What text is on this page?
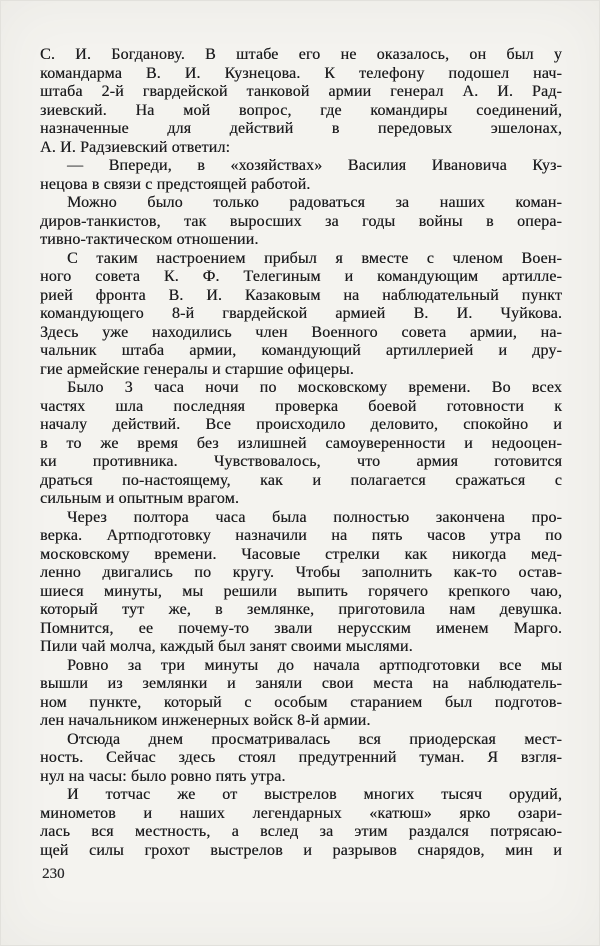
С. И. Богданову. В штабе его не оказалось, он был у
командарма В. И. Кузнецова. К телефону подошел нач-
штаба 2-й гвардейской танковой армии генерал А. И. Рад-
зиевский. На мой вопрос, где командиры соединений,
назначенные для действий в передовых эшелонах,
А. И. Радзиевский ответил:
— Впереди, в «хозяйствах» Василия Ивановича Куз-
нецова в связи с предстоящей работой.
Можно было только радоваться за наших коман-
диров-танкистов, так выросших за годы войны в опера-
тивно-тактическом отношении.
С таким настроением прибыл я вместе с членом Воен-
ного совета К. Ф. Телегиным и командующим артилле-
рией фронта В. И. Казаковым на наблюдательный пункт
командующего 8-й гвардейской армией В. И. Чуйкова.
Здесь уже находились член Военного совета армии, на-
чальник штаба армии, командующий артиллерией и дру-
гие армейские генералы и старшие офицеры.
Было 3 часа ночи по московскому времени. Во всех
частях шла последняя проверка боевой готовности к
началу действий. Все происходило деловито, спокойно и
в то же время без излишней самоуверенности и недооцен-
ки противника. Чувствовалось, что армия готовится
драться по-настоящему, как и полагается сражаться с
сильным и опытным врагом.
Через полтора часа была полностью закончена про-
верка. Артподготовку назначили на пять часов утра по
московскому времени. Часовые стрелки как никогда мед-
ленно двигались по кругу. Чтобы заполнить как-то остав-
шиеся минуты, мы решили выпить горячего крепкого чаю,
который тут же, в землянке, приготовила нам девушка.
Помнится, ее почему-то звали нерусским именем Марго.
Пили чай молча, каждый был занят своими мыслями.
Ровно за три минуты до начала артподготовки все мы
вышли из землянки и заняли свои места на наблюдатель-
ном пункте, который с особым старанием был подготов-
лен начальником инженерных войск 8-й армии.
Отсюда днем просматривалась вся приодерская мест-
ность. Сейчас здесь стоял предутренний туман. Я взгля-
нул на часы: было ровно пять утра.
И тотчас же от выстрелов многих тысяч орудий,
минометов и наших легендарных «катюш» ярко озари-
лась вся местность, а вслед за этим раздался потрясаю-
щей силы грохот выстрелов и разрывов снарядов, мин и
230
